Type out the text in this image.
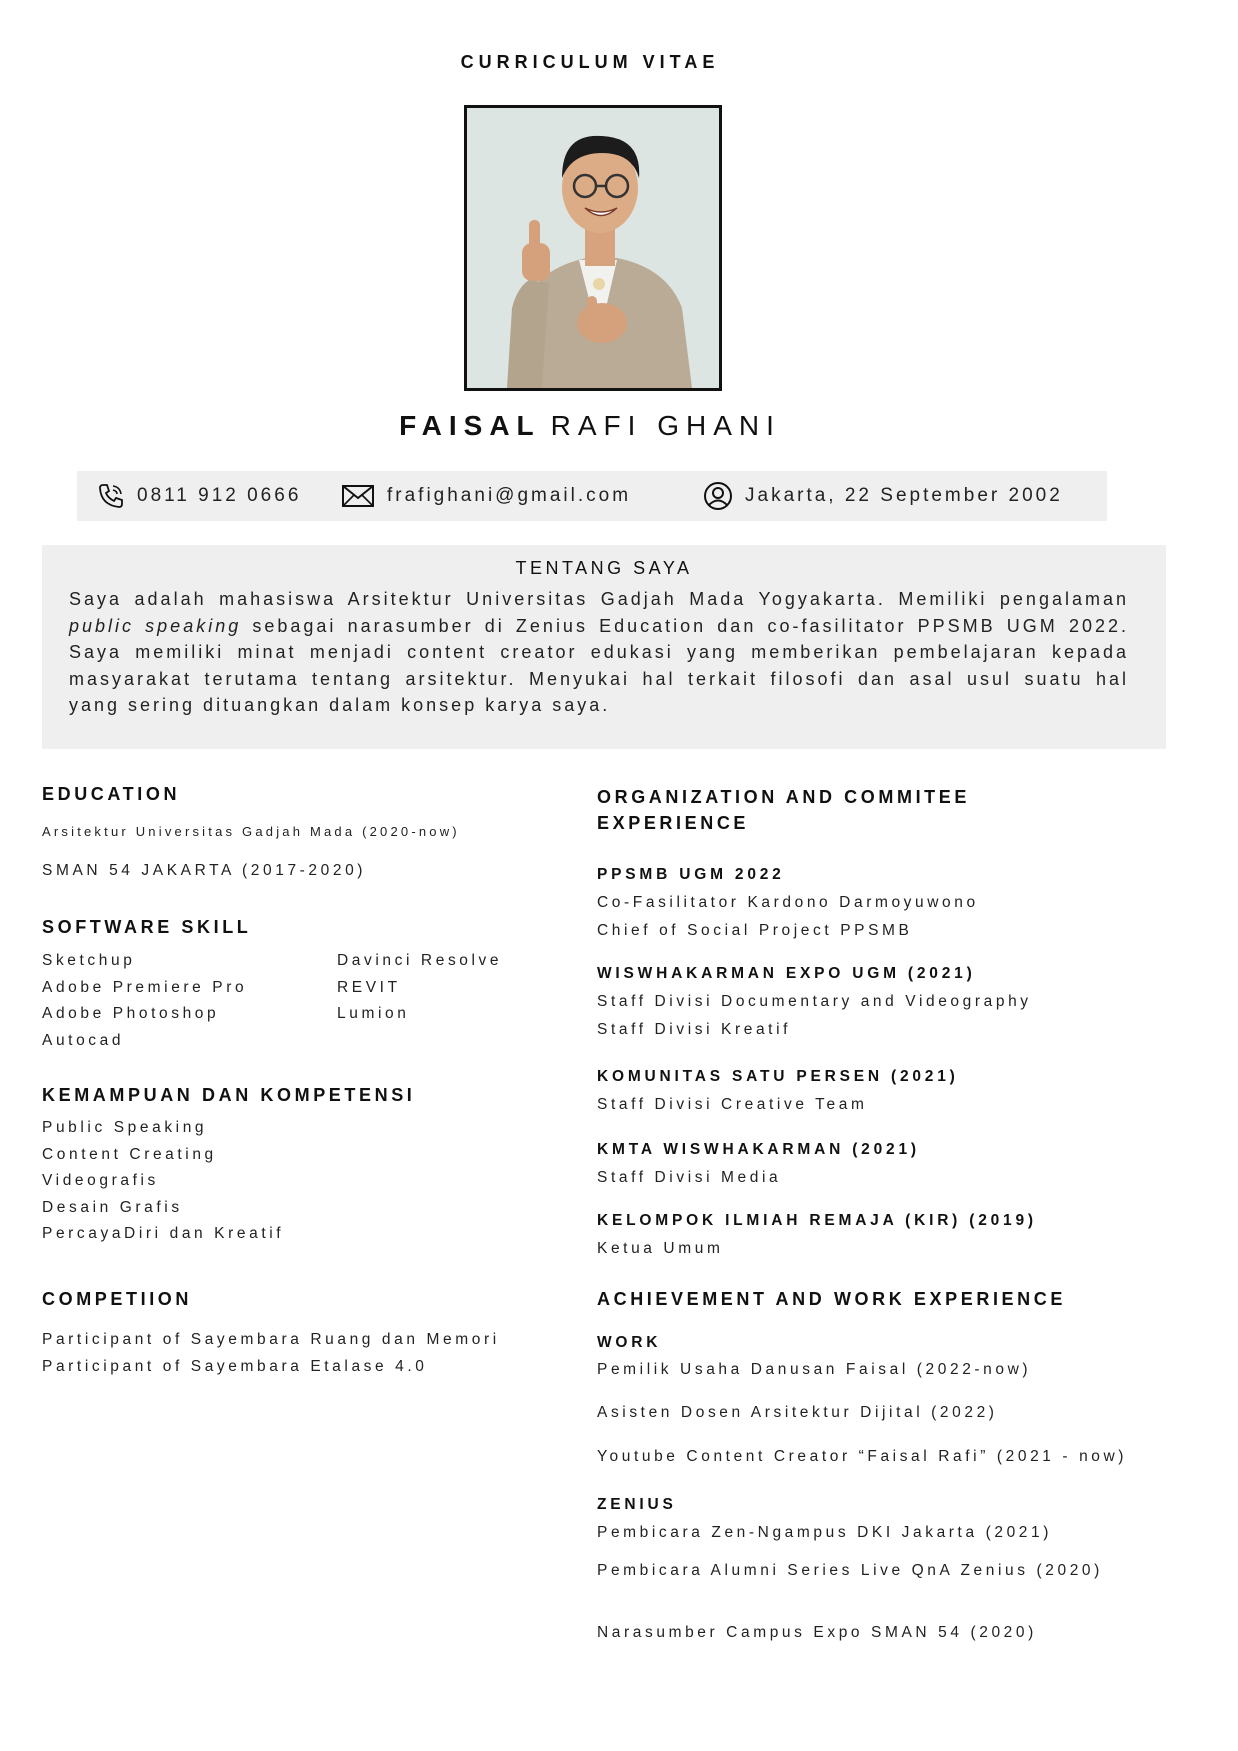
CURRICULUM VITAE
FAISAL RAFI GHANI
0811 912 0666	frafighani@gmail.com	Jakarta, 22 September 2002
TENTANG SAYA
Saya adalah mahasiswa Arsitektur Universitas Gadjah Mada Yogyakarta. Memiliki pengalaman public speaking sebagai narasumber di Zenius Education dan co-fasilitator PPSMB UGM 2022. Saya memiliki minat menjadi content creator edukasi yang memberikan pembelajaran kepada masyarakat terutama tentang arsitektur. Menyukai hal terkait filosofi dan asal usul suatu hal yang sering dituangkan dalam konsep karya saya.
EDUCATION
Arsitektur Universitas Gadjah Mada (2020-now)
SMAN 54 JAKARTA (2017-2020)
SOFTWARE SKILL
Sketchup
Adobe Premiere Pro
Adobe Photoshop
Autocad
Davinci Resolve
REVIT
Lumion
KEMAMPUAN DAN KOMPETENSI
Public Speaking
Content Creating
Videografis
Desain Grafis
PercayaDiri dan Kreatif
COMPETIION
Participant of Sayembara Ruang dan Memori
Participant of Sayembara Etalase 4.0
ORGANIZATION AND COMMITEE
EXPERIENCE
PPSMB UGM 2022
Co-Fasilitator Kardono Darmoyuwono
Chief of Social Project PPSMB
WISWHAKARMAN EXPO UGM (2021)
Staff Divisi Documentary and Videography
Staff Divisi Kreatif
KOMUNITAS SATU PERSEN (2021)
Staff Divisi Creative Team
KMTA WISWHAKARMAN (2021)
Staff Divisi Media
KELOMPOK ILMIAH REMAJA (KIR) (2019)
Ketua Umum
ACHIEVEMENT AND WORK EXPERIENCE
WORK
Pemilik Usaha Danusan Faisal (2022-now)
Asisten Dosen Arsitektur Dijital (2022)
Youtube Content Creator “Faisal Rafi” (2021 - now)
ZENIUS
Pembicara Zen-Ngampus DKI Jakarta (2021)
Pembicara Alumni Series Live QnA Zenius (2020)
Narasumber Campus Expo SMAN 54 (2020)
